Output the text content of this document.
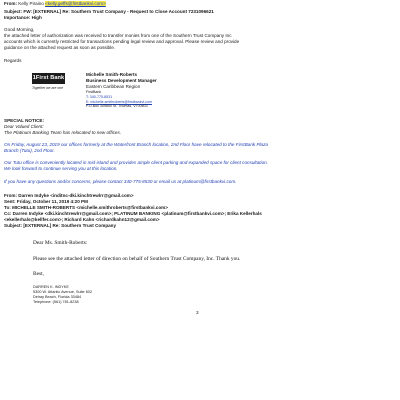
From: Kelly Piraino <kelly.geffs@firstbankvi.com>
Subject: FW: [EXTERNAL] Re: Southern Trust Company - Request to Close Account 7231096621
Importance: High
Good Morning,
the attached letter of authorization was received to transfer monies from one of the Southern Trust Company Inc
accounts which is currently restricted for transactions pending legal review and approval. Please review and provide
guidance on the attached request as soon as possible.
Regards
1First Bank
Together we are one
Michelle Smith-Roberts
Business Development Manager
Eastern Caribbean Region
FirstBank
T: 340-775-8531
E: michelle.smithroberts@firstbankvi.com
P.O.Box 309850 St. Thomas, VI 00803
SPECIAL NOTICE:
Dear Valued Client:
The Platinum Banking Team has relocated to new offices.
On Friday, August 23, 2019 our offices formerly at the Waterfront Branch location, 2nd Floor have relocated to the FirstBank Plaza
Branch (Tutu), 2nd Floor.
Our Tutu office is conveniently located in mid-island and provides ample client parking and expanded space for client consultation.
We look forward to continue serving you at this location.
If you have any questions and/or concerns, please contact 340-775-8530 or email us at platinum@firstbankvi.com.
From: Darren Indyke <inditnc-dki.kinchtrewlrr@gmail.com>
Sent: Friday, October 11, 2019 4:20 PM
To: MICHELLE SMITH-ROBERTS <michelle.smithroberts@firstbankvi.com>
Cc: Darren Indyke <dki.kinchtrewlrr@gmail.com>; PLATINUM BANKING <platinum@firstbankvi.com>; Erika Kellerhals
<ekellerhals@kellfer.com>; Richard Kahn <richardkahn12@gmail.com>
Subject: [EXTERNAL] Re: Southern Trust Company
Dear Ms. Smith-Roberts:
Please see the attached letter of direction on behalf of Southern Trust Company, Inc. Thank you.
Best,
DARREN K. INDYKE
5300 W. Atlantic Avenue, Suite 602
Delray Beach, Florida 33484
Telephone: (561) 781-8238
3
